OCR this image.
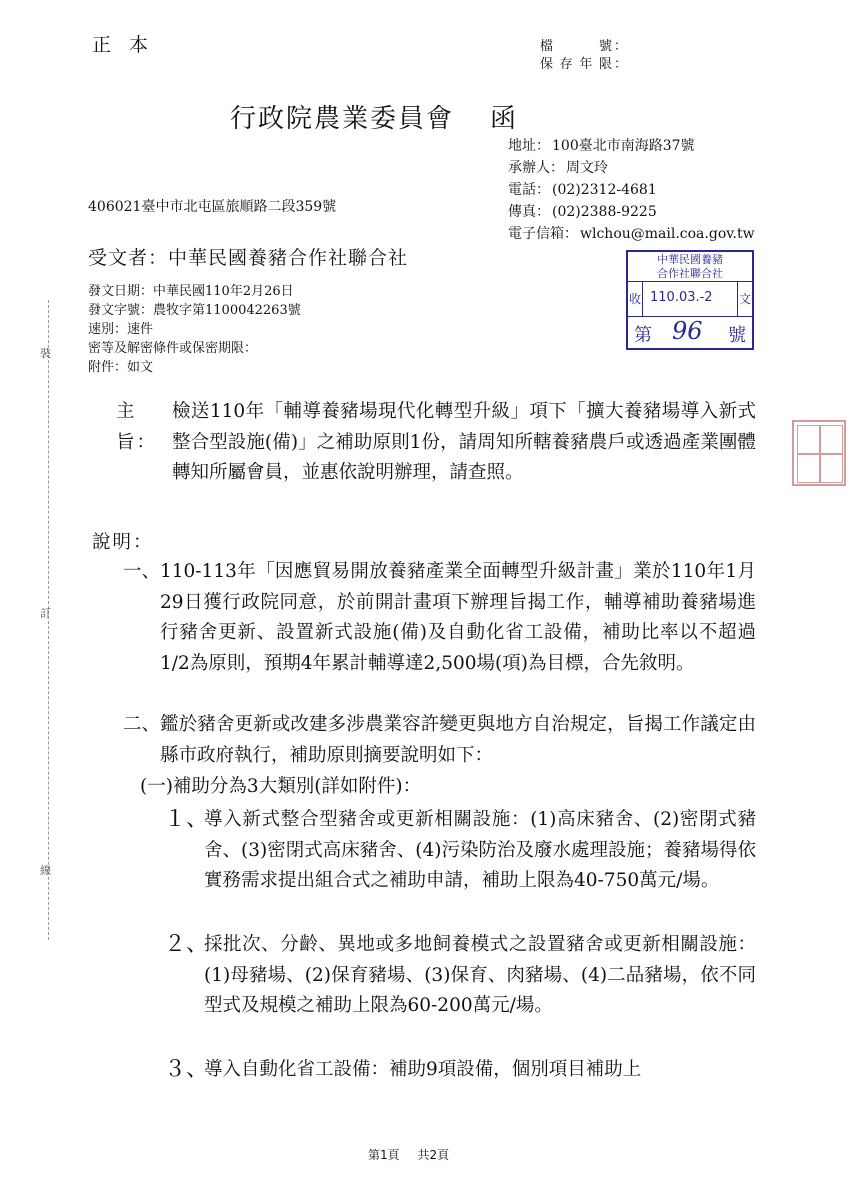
正本	檔號 ：
保存年限 ：
行政院農業委員會 函
地址： 100臺北市南海路37號
承辦人： 周文玲
電話： (02)2312-4681
傳真： (02)2388-9225
電子信箱： wlchou@mail.coa.gov.tw
406021臺中市北屯區旅順路二段359號
受文者：中華民國養豬合作社聯合社
發文日期：中華民國110年2月26日
發文字號：農牧字第1100042263號
速別：速件
密等及解密條件或保密期限：
附件：如文
中華民國養豬
合作社聯合社
收 110.03.-2 文
第 96 號
裝
訂
線
主旨：
檢送110年「輔導養豬場現代化轉型升級」項下「擴大養豬場導入新式整合型設施(備)」之補助原則1份，請周知所轄養豬農戶或透過產業團體轉知所屬會員，並惠依說明辦理，請查照。
說明：
一、 110-113年「因應貿易開放養豬產業全面轉型升級計畫」業於110年1月29日獲行政院同意，於前開計畫項下辦理旨揭工作，輔導補助養豬場進行豬舍更新、設置新式設施(備)及自動化省工設備，補助比率以不超過1/2為原則，預期4年累計輔導達2,500場(項)為目標，合先敘明。
二、 鑑於豬舍更新或改建多涉農業容許變更與地方自治規定，旨揭工作議定由縣市政府執行，補助原則摘要說明如下：
(一)補助分為3大類別(詳如附件)：
１、
導入新式整合型豬舍或更新相關設施：(1)高床豬舍、(2)密閉式豬舍、(3)密閉式高床豬舍、(4)污染防治及廢水處理設施；養豬場得依實務需求提出組合式之補助申請，補助上限為40-750萬元/場。
２、
採批次、分齡、異地或多地飼養模式之設置豬舍或更新相關設施：(1)母豬場、(2)保育豬場、(3)保育、肉豬場、(4)二品豬場，依不同型式及規模之補助上限為60-200萬元/場。
３、
導入自動化省工設備：補助9項設備，個別項目補助上
第1頁 共2頁
